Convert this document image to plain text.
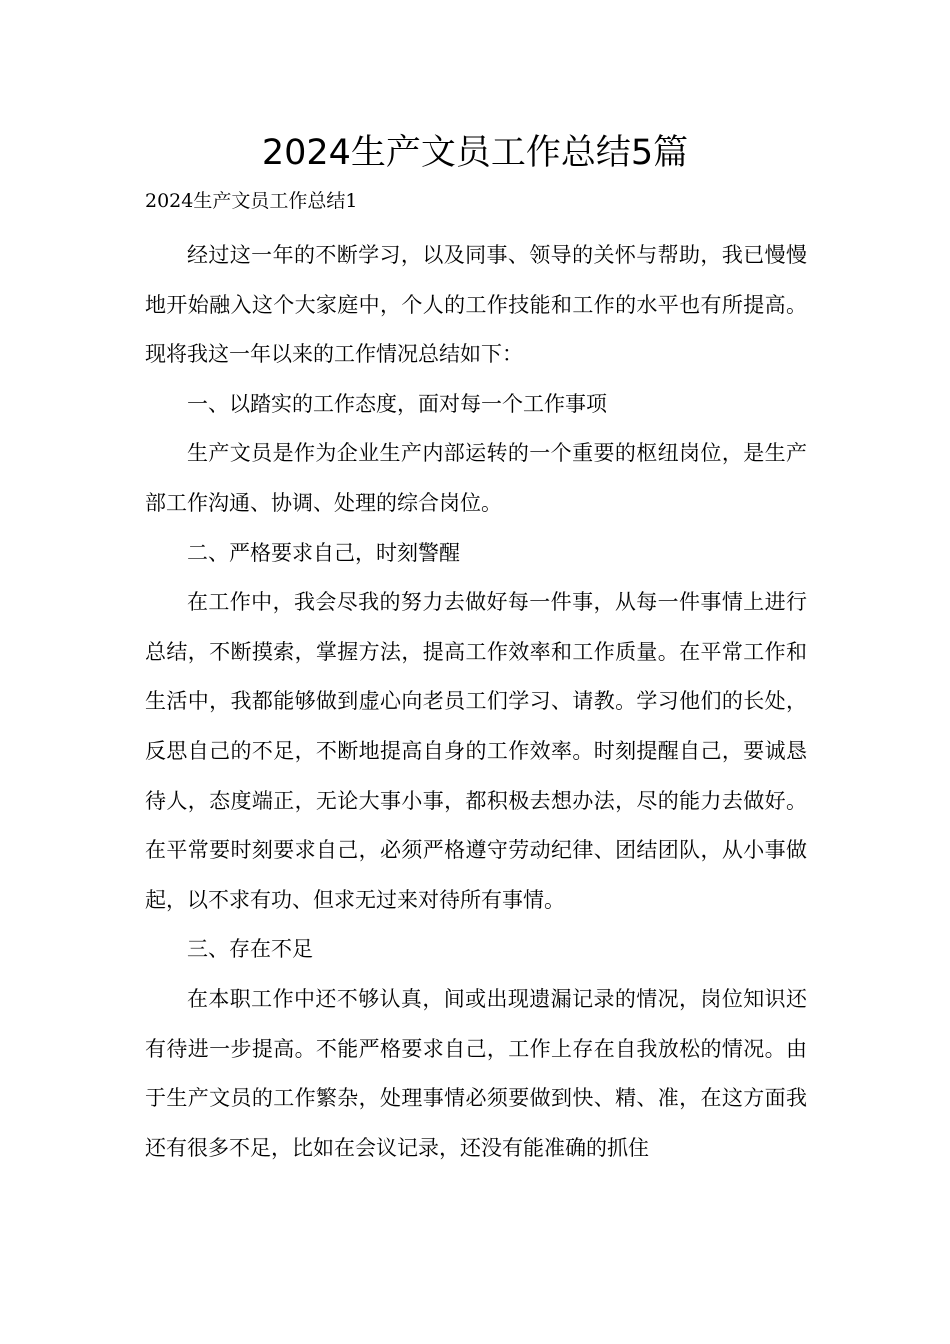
2024生产文员工作总结5篇
2024生产文员工作总结1

经过这一年的不断学习，以及同事、领导的关怀与帮助，我已慢慢地开始融入这个大家庭中，个人的工作技能和工作的水平也有所提高。现将我这一年以来的工作情况总结如下：

一、以踏实的工作态度，面对每一个工作事项

生产文员是作为企业生产内部运转的一个重要的枢纽岗位，是生产部工作沟通、协调、处理的综合岗位。

二、严格要求自己，时刻警醒

在工作中，我会尽我的努力去做好每一件事，从每一件事情上进行总结，不断摸索，掌握方法，提高工作效率和工作质量。在平常工作和生活中，我都能够做到虚心向老员工们学习、请教。学习他们的长处，反思自己的不足，不断地提高自身的工作效率。时刻提醒自己，要诚恳待人，态度端正，无论大事小事，都积极去想办法，尽的能力去做好。在平常要时刻要求自己，必须严格遵守劳动纪律、团结团队，从小事做起，以不求有功、但求无过来对待所有事情。

三、存在不足

在本职工作中还不够认真，间或出现遗漏记录的情况，岗位知识还有待进一步提高。不能严格要求自己，工作上存在自我放松的情况。由于生产文员的工作繁杂，处理事情必须要做到快、精、准，在这方面我还有很多不足，比如在会议记录，还没有能准确的抓住
